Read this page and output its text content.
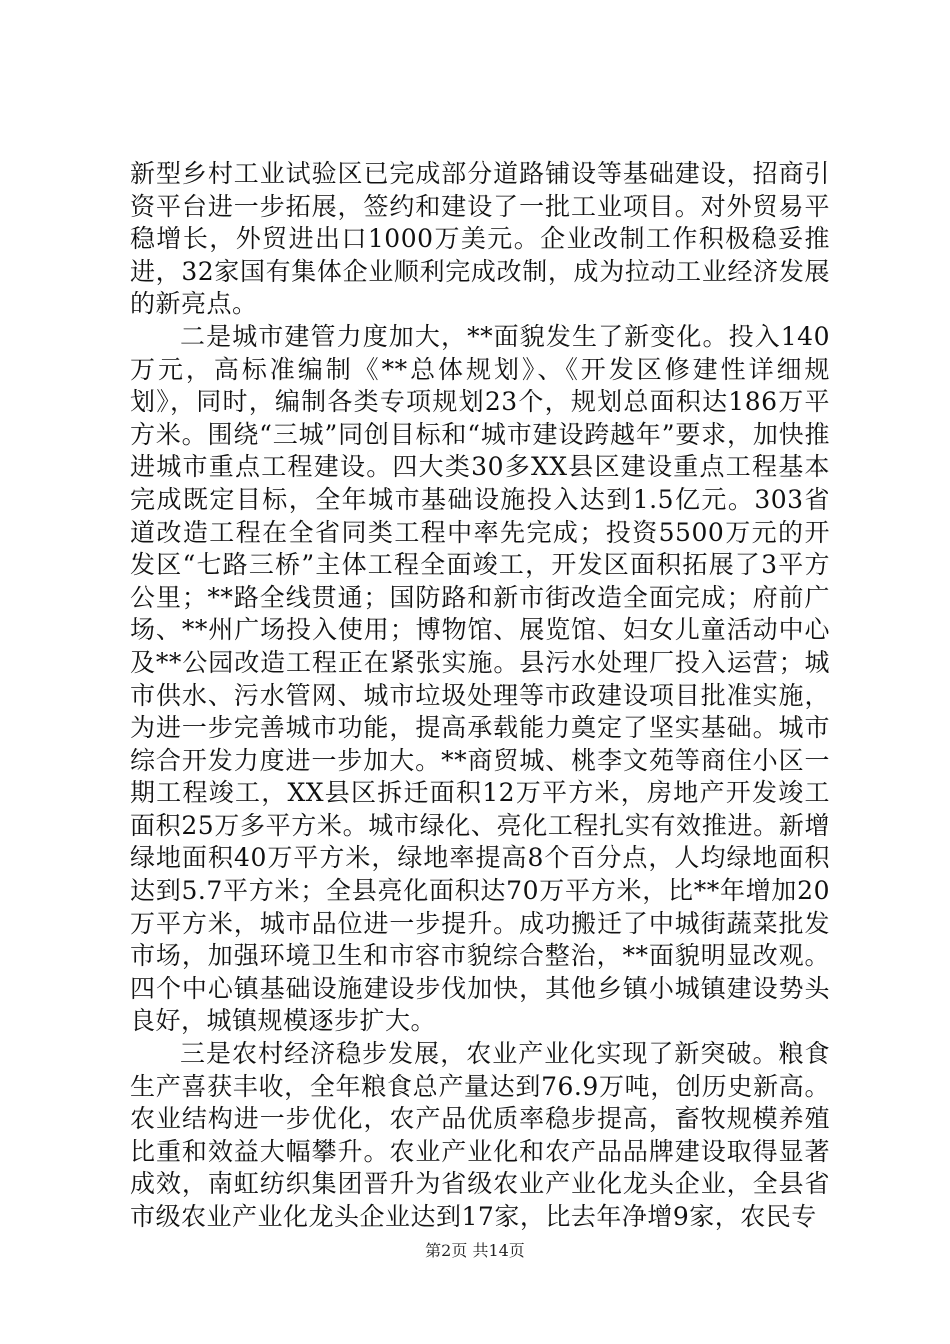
新型乡村工业试验区已完成部分道路铺设等基础建设，招商引资平台进一步拓展，签约和建设了一批工业项目。对外贸易平稳增长，外贸进出口1000万美元。企业改制工作积极稳妥推进，32家国有集体企业顺利完成改制，成为拉动工业经济发展的新亮点。

二是城市建管力度加大，**面貌发生了新变化。投入140万元，高标准编制《**总体规划》、《开发区修建性详细规划》，同时，编制各类专项规划23个，规划总面积达186万平方米。围绕“三城”同创目标和“城市建设跨越年”要求，加快推进城市重点工程建设。四大类30多XX县区建设重点工程基本完成既定目标，全年城市基础设施投入达到1.5亿元。303省道改造工程在全省同类工程中率先完成；投资5500万元的开发区“七路三桥”主体工程全面竣工，开发区面积拓展了3平方公里；**路全线贯通；国防路和新市街改造全面完成；府前广场、**州广场投入使用；博物馆、展览馆、妇女儿童活动中心及**公园改造工程正在紧张实施。县污水处理厂投入运营；城市供水、污水管网、城市垃圾处理等市政建设项目批准实施，为进一步完善城市功能，提高承载能力奠定了坚实基础。城市综合开发力度进一步加大。**商贸城、桃李文苑等商住小区一期工程竣工，XX县区拆迁面积12万平方米，房地产开发竣工面积25万多平方米。城市绿化、亮化工程扎实有效推进。新增绿地面积40万平方米，绿地率提高8个百分点，人均绿地面积达到5.7平方米；全县亮化面积达70万平方米，比**年增加20万平方米，城市品位进一步提升。成功搬迁了中城街蔬菜批发市场，加强环境卫生和市容市貌综合整治，**面貌明显改观。四个中心镇基础设施建设步伐加快，其他乡镇小城镇建设势头良好，城镇规模逐步扩大。

三是农村经济稳步发展，农业产业化实现了新突破。粮食生产喜获丰收，全年粮食总产量达到76.9万吨，创历史新高。农业结构进一步优化，农产品优质率稳步提高，畜牧规模养殖比重和效益大幅攀升。农业产业化和农产品品牌建设取得显著成效，南虹纺织集团晋升为省级农业产业化龙头企业，全县省市级农业产业化龙头企业达到17家，比去年净增9家，农民专

第2页 共14页
